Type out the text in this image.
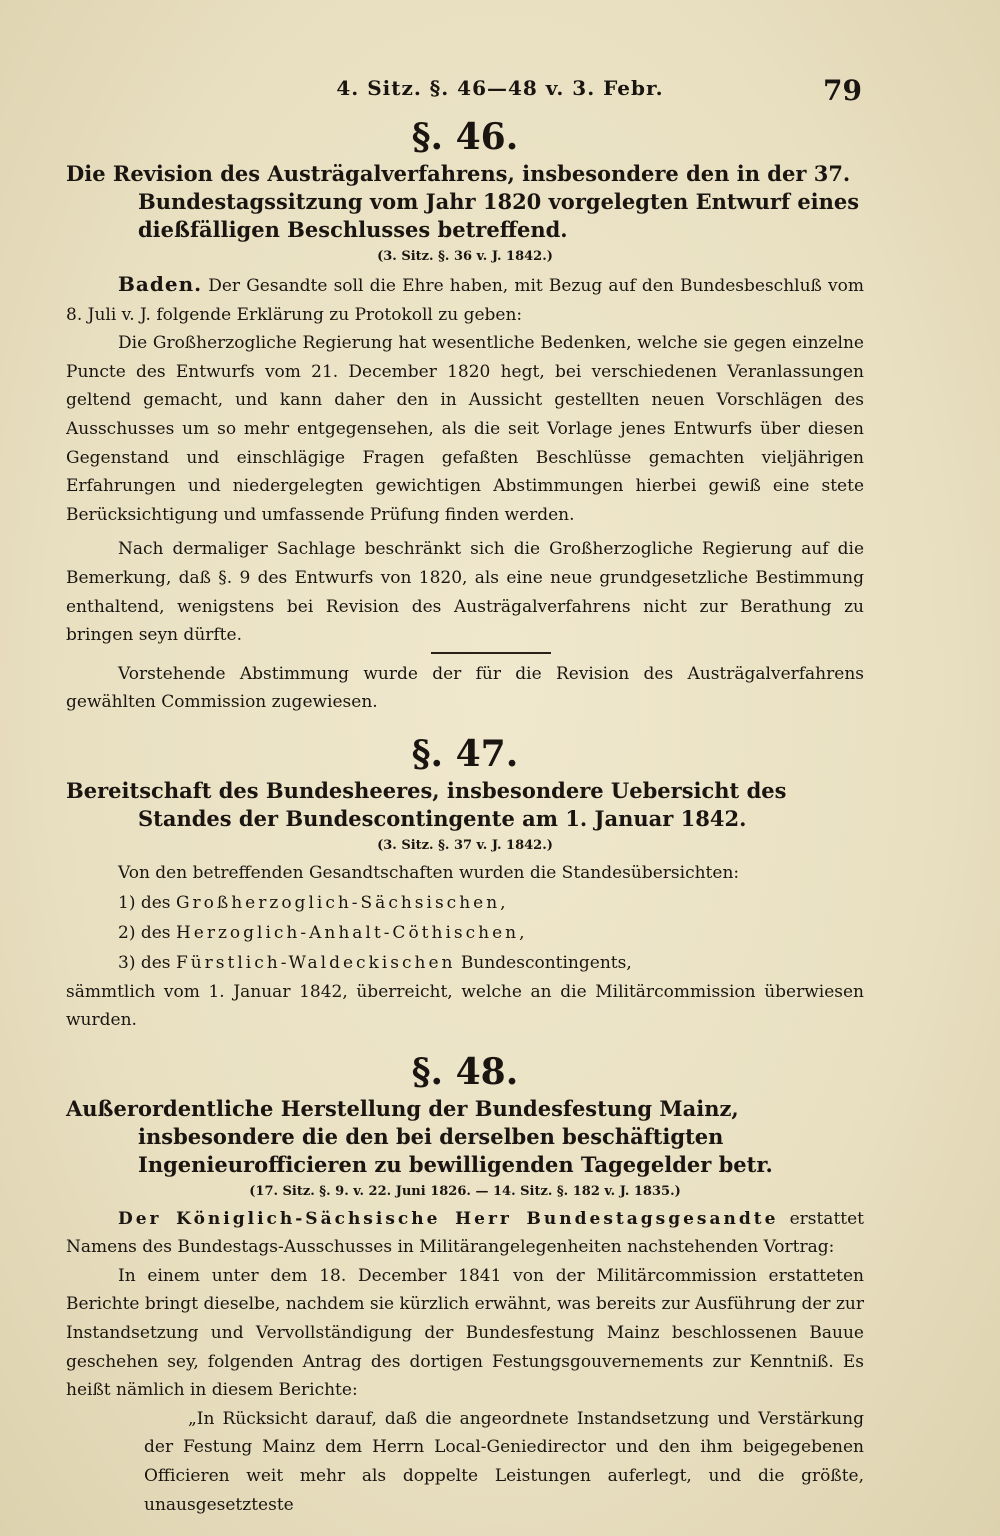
4. Sitz. §. 46—48 v. 3. Febr.	79
§. 46.
Die Revision des Austrägalverfahrens, insbesondere den in der 37. Bundestagssitzung vom Jahr 1820 vorgelegten Entwurf eines dießfälligen Beschlusses betreffend.
(3. Sitz. §. 36 v. J. 1842.)

Baden. Der Gesandte soll die Ehre haben, mit Bezug auf den Bundesbeschluß vom 8. Juli v. J. folgende Erklärung zu Protokoll zu geben:

Die Großherzogliche Regierung hat wesentliche Bedenken, welche sie gegen einzelne Puncte des Entwurfs vom 21. December 1820 hegt, bei verschiedenen Veranlassungen geltend gemacht, und kann daher den in Aussicht gestellten neuen Vorschlägen des Ausschusses um so mehr entgegensehen, als die seit Vorlage jenes Entwurfs über diesen Gegenstand und einschlägige Fragen gefaßten Beschlüsse gemachten vieljährigen Erfahrungen und niedergelegten gewichtigen Abstimmungen hierbei gewiß eine stete Berücksichtigung und umfassende Prüfung finden werden.

Nach dermaliger Sachlage beschränkt sich die Großherzogliche Regierung auf die Bemerkung, daß §. 9 des Entwurfs von 1820, als eine neue grundgesetzliche Bestimmung enthaltend, wenigstens bei Revision des Austrägalverfahrens nicht zur Berathung zu bringen seyn dürfte.

Vorstehende Abstimmung wurde der für die Revision des Austrägalverfahrens gewählten Commission zugewiesen.

§. 47.
Bereitschaft des Bundesheeres, insbesondere Uebersicht des Standes der Bundescontingente am 1. Januar 1842.
(3. Sitz. §. 37 v. J. 1842.)

Von den betreffenden Gesandtschaften wurden die Standesübersichten:

1) des Großherzoglich-Sächsischen,
2) des Herzoglich-Anhalt-Cöthischen,
3) des Fürstlich-Waldeckischen Bundescontingents,

sämmtlich vom 1. Januar 1842, überreicht, welche an die Militärcommission überwiesen wurden.

§. 48.
Außerordentliche Herstellung der Bundesfestung Mainz, insbesondere die den bei derselben beschäftigten Ingenieurofficieren zu bewilligenden Tagegelder betr.
(17. Sitz. §. 9. v. 22. Juni 1826. — 14. Sitz. §. 182 v. J. 1835.)

Der Königlich-Sächsische Herr Bundestagsgesandte erstattet Namens des Bundestags-Ausschusses in Militärangelegenheiten nachstehenden Vortrag:

In einem unter dem 18. December 1841 von der Militärcommission erstatteten Berichte bringt dieselbe, nachdem sie kürzlich erwähnt, was bereits zur Ausführung der zur Instandsetzung und Vervollständigung der Bundesfestung Mainz beschlossenen Bauue geschehen sey, folgenden Antrag des dortigen Festungsgouvernements zur Kenntniß. Es heißt nämlich in diesem Berichte:

„In Rücksicht darauf, daß die angeordnete Instandsetzung und Verstärkung der Festung Mainz dem Herrn Local-Geniedirector und den ihm beigegebenen Officieren weit mehr als doppelte Leistungen auferlegt, und die größte, unausgesetzteste
